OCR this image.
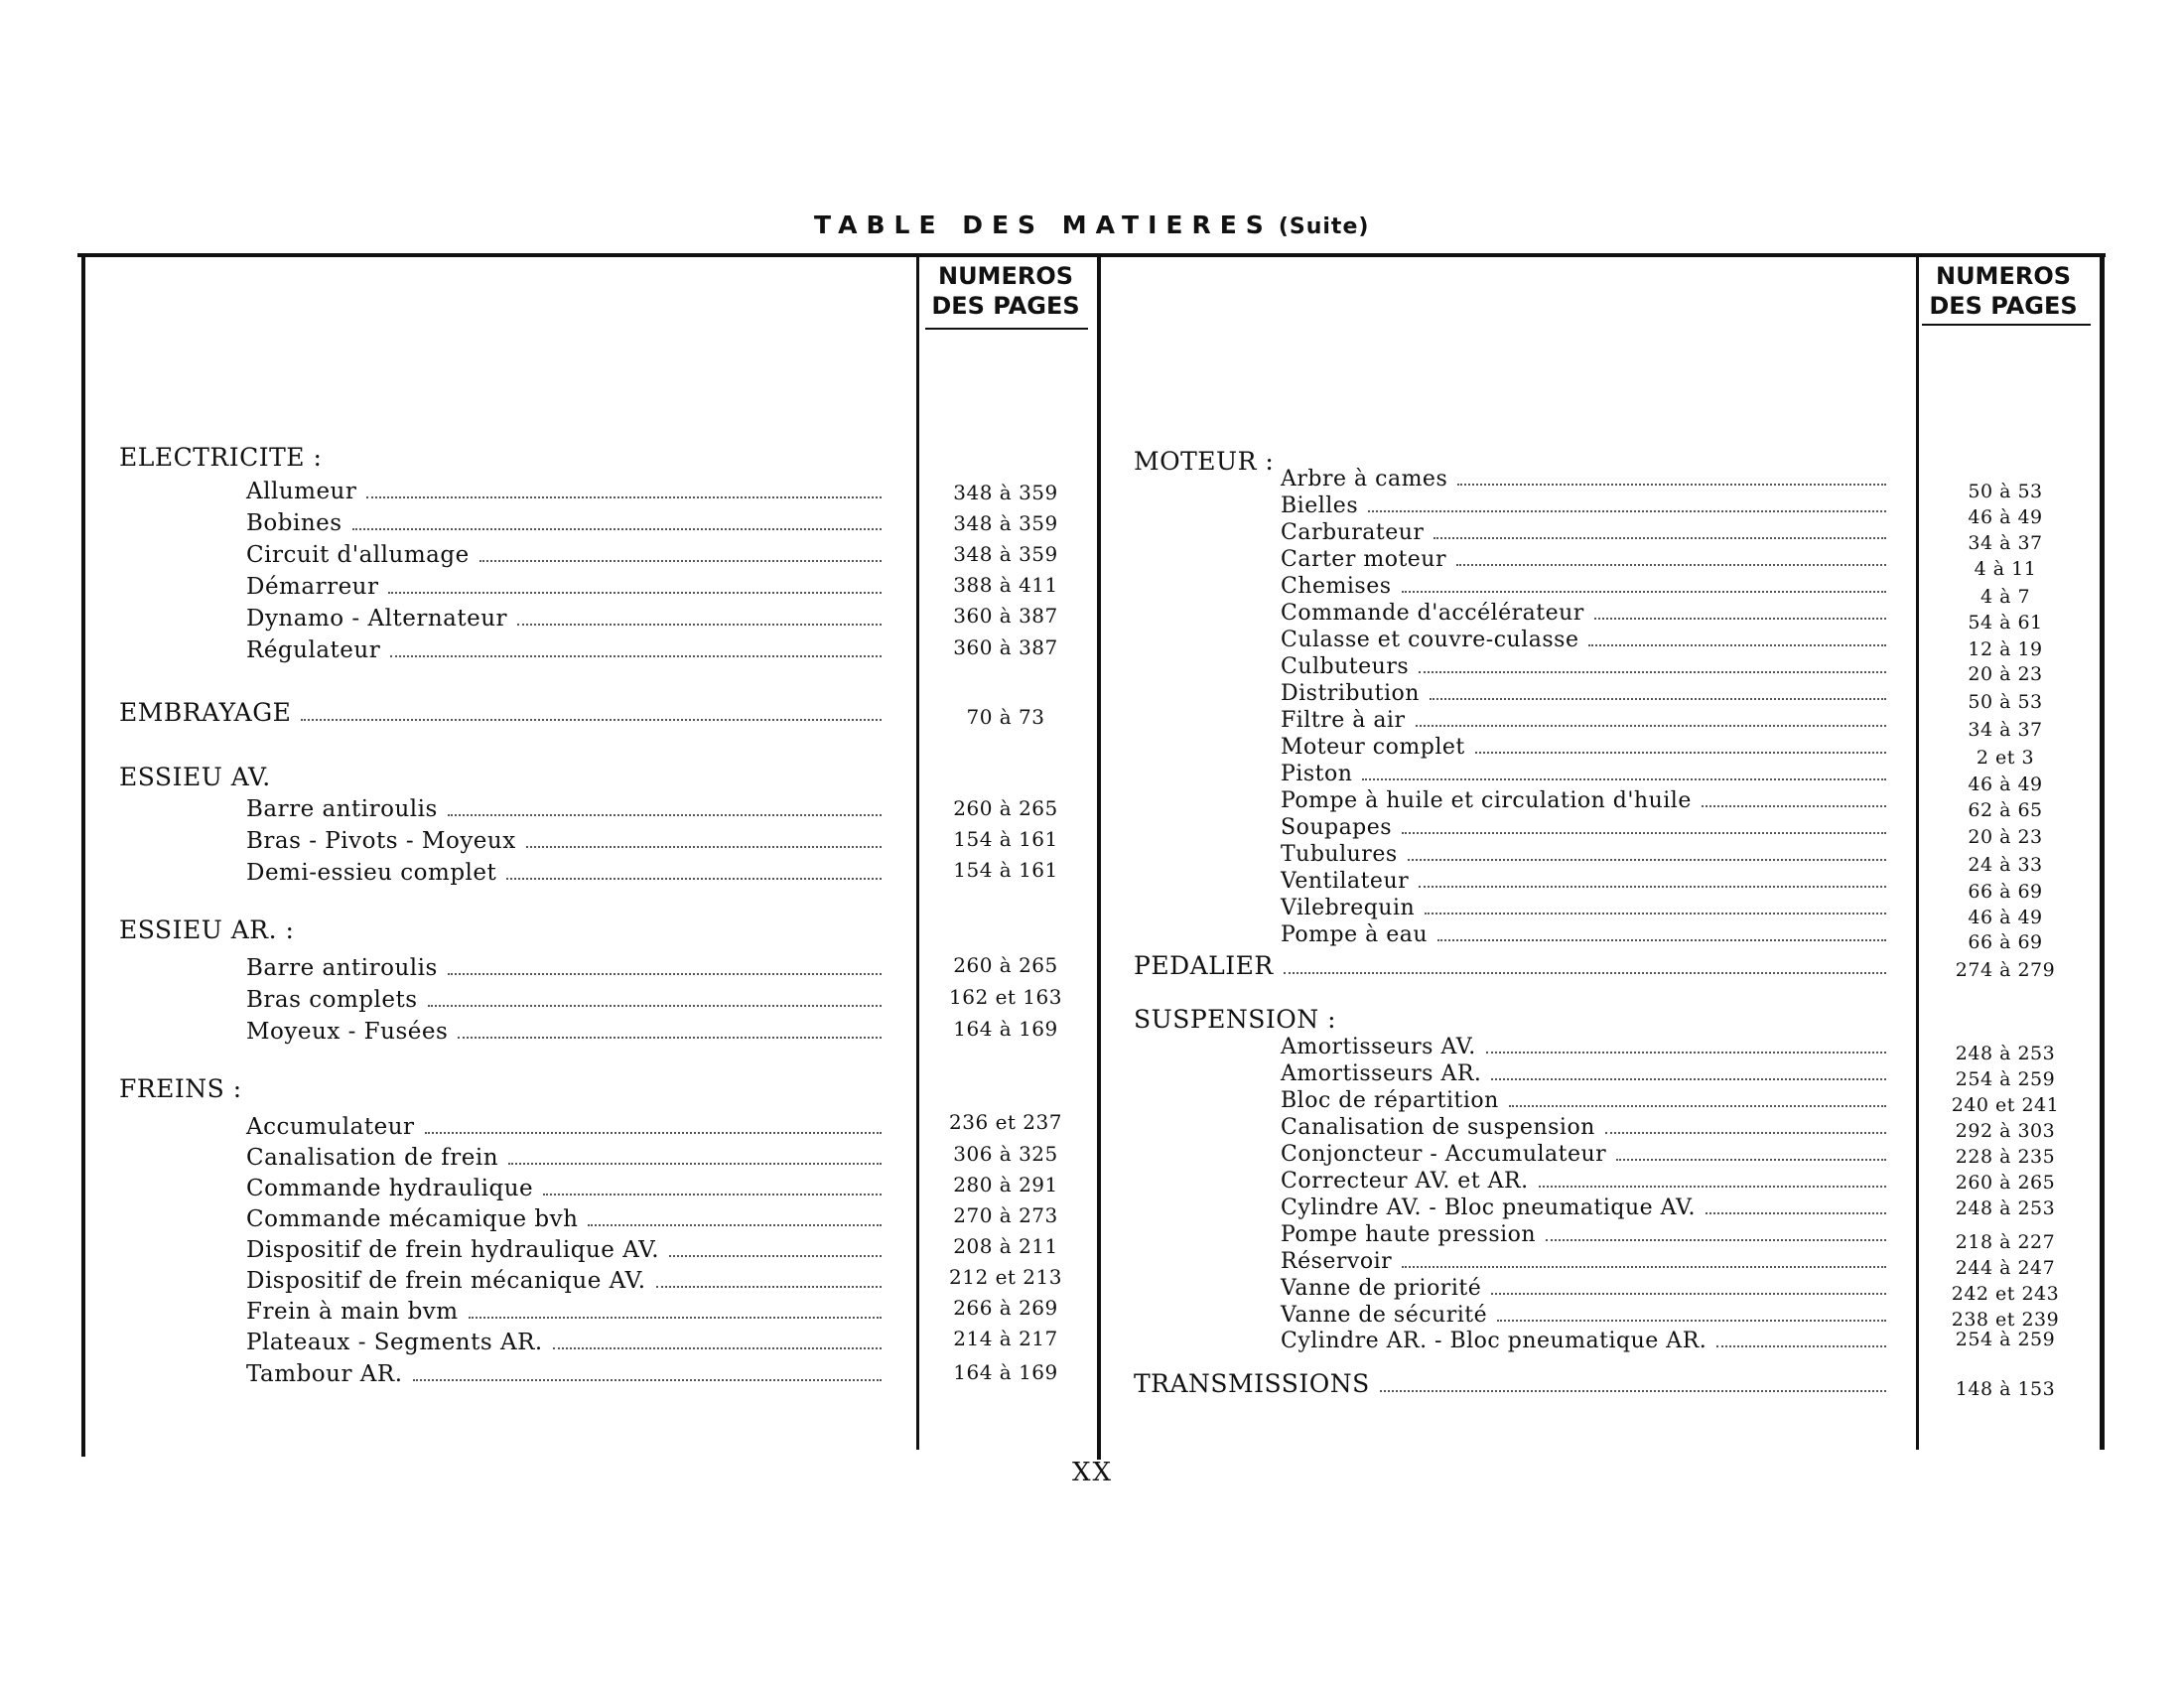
TABLE DES MATIERES (Suite)
NUMEROS
DES PAGES
NUMEROS
DES PAGES
ELECTRICITE :
Allumeur	348 à 359
Bobines	348 à 359
Circuit d'allumage	348 à 359
Démarreur	388 à 411
Dynamo - Alternateur	360 à 387
Régulateur	360 à 387
EMBRAYAGE	70 à 73
ESSIEU AV.
Barre antiroulis	260 à 265
Bras - Pivots - Moyeux	154 à 161
Demi-essieu complet	154 à 161
ESSIEU AR. :
Barre antiroulis	260 à 265
Bras complets	162 et 163
Moyeux - Fusées	164 à 169
FREINS :
Accumulateur	236 et 237
Canalisation de frein	306 à 325
Commande hydraulique	280 à 291
Commande mécamique bvh	270 à 273
Dispositif de frein hydraulique AV.	208 à 211
Dispositif de frein mécanique AV.	212 et 213
Frein à main bvm	266 à 269
Plateaux - Segments AR.	214 à 217
Tambour AR.	164 à 169
MOTEUR :
Arbre à cames	50 à 53
Bielles	46 à 49
Carburateur	34 à 37
Carter moteur	4 à 11
Chemises	4 à 7
Commande d'accélérateur	54 à 61
Culasse et couvre-culasse	12 à 19
Culbuteurs	20 à 23
Distribution	50 à 53
Filtre à air	34 à 37
Moteur complet	2 et 3
Piston	46 à 49
Pompe à huile et circulation d'huile	62 à 65
Soupapes	20 à 23
Tubulures	24 à 33
Ventilateur	66 à 69
Vilebrequin	46 à 49
Pompe à eau	66 à 69
PEDALIER	274 à 279
SUSPENSION :
Amortisseurs AV.	248 à 253
Amortisseurs AR.	254 à 259
Bloc de répartition	240 et 241
Canalisation de suspension	292 à 303
Conjoncteur - Accumulateur	228 à 235
Correcteur AV. et AR.	260 à 265
Cylindre AV. - Bloc pneumatique AV.	248 à 253
Pompe haute pression	218 à 227
Réservoir	244 à 247
Vanne de priorité	242 et 243
Vanne de sécurité	238 et 239
Cylindre AR. - Bloc pneumatique AR.	254 à 259
TRANSMISSIONS	148 à 153
XX
